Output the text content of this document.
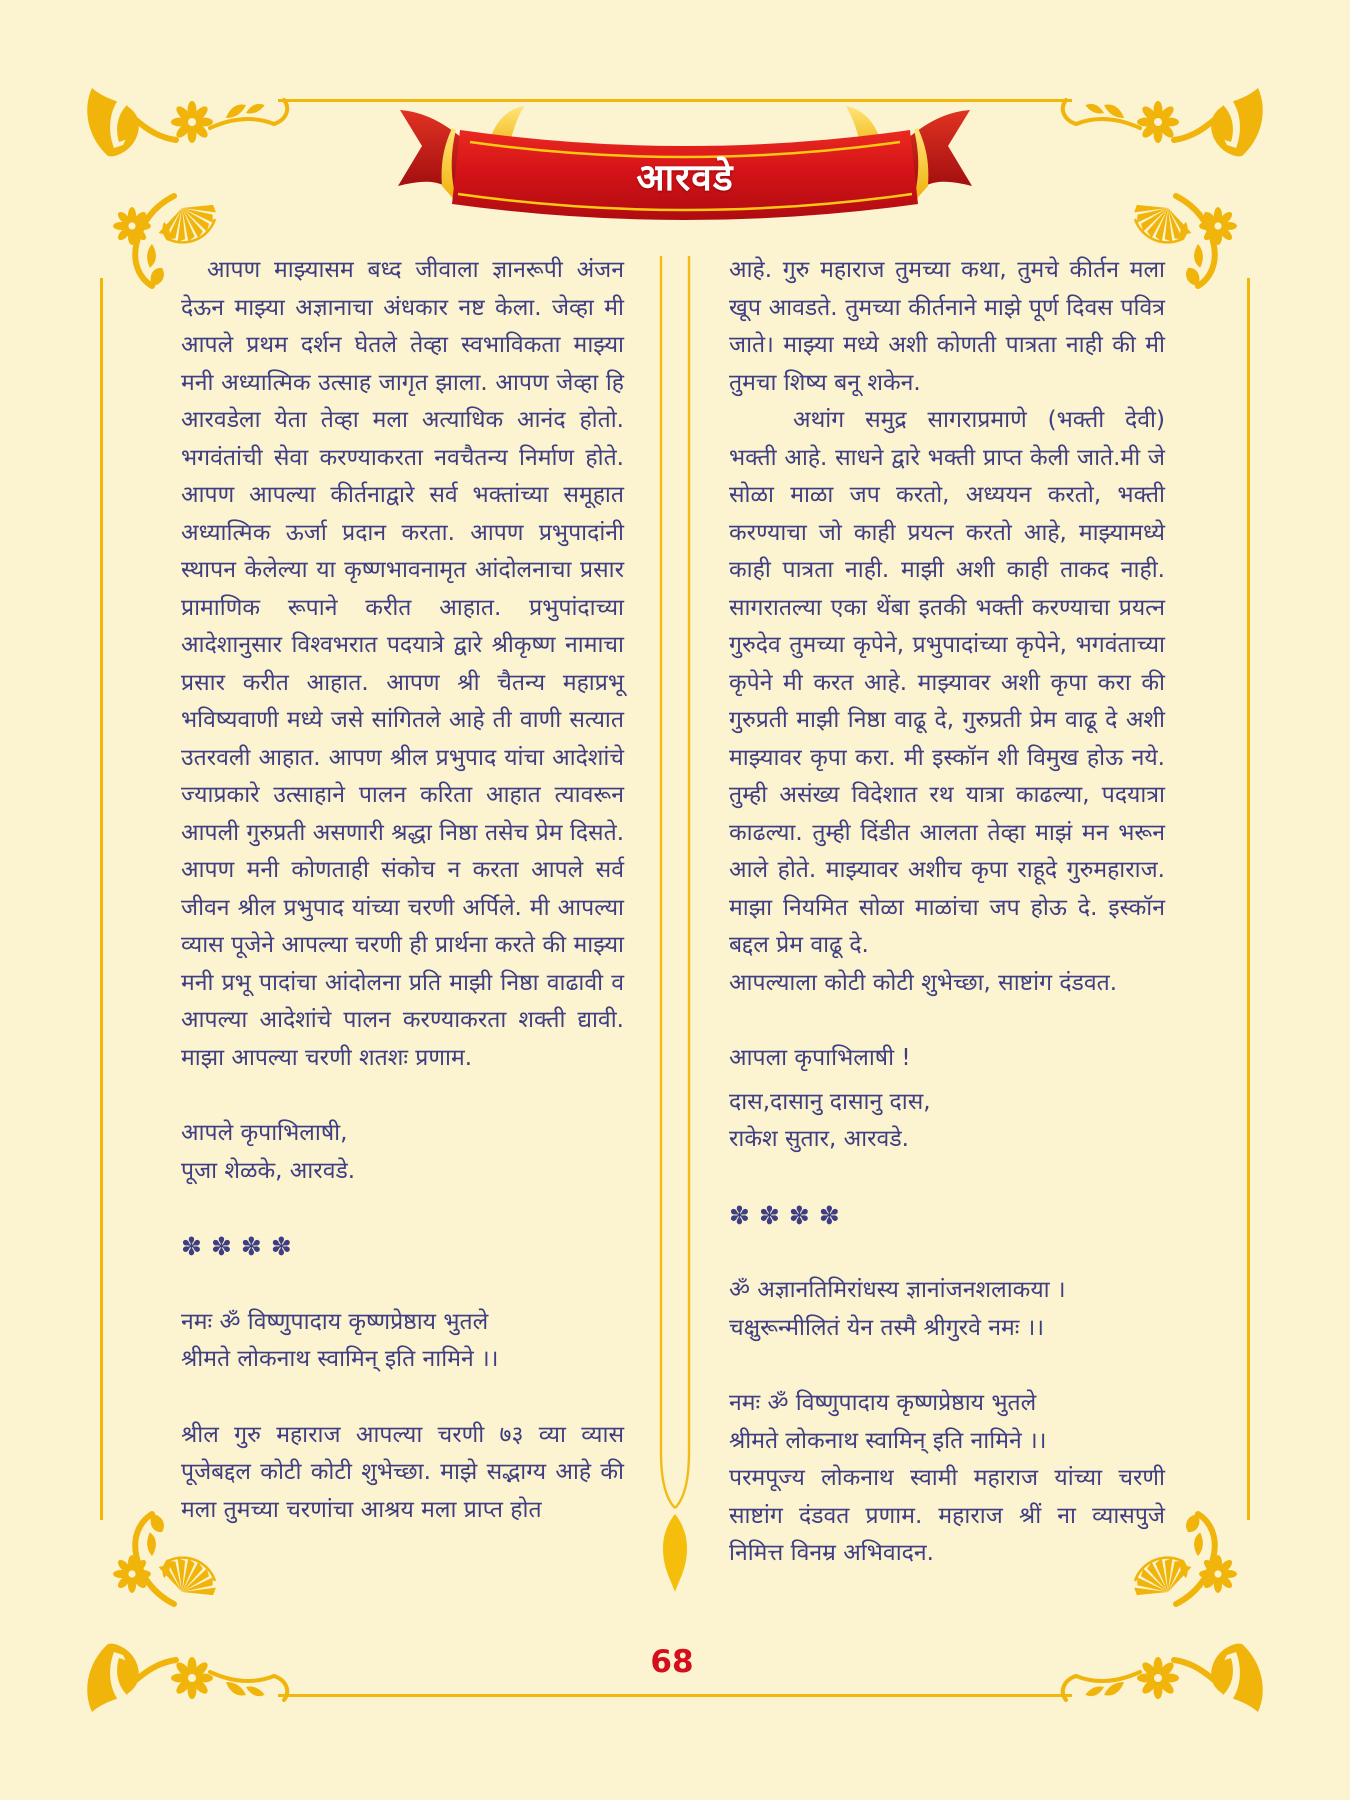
आरवडे

आपण माझ्यासम बध्द जीवाला ज्ञानरूपी अंजन देऊन माझ्या अज्ञानाचा अंधकार नष्ट केला. जेव्हा मी आपले प्रथम दर्शन घेतले तेव्हा स्वभाविकता माझ्या मनी अध्यात्मिक उत्साह जागृत झाला. आपण जेव्हा हि आरवडेला येता तेव्हा मला अत्याधिक आनंद होतो. भगवंतांची सेवा करण्याकरता नवचैतन्य निर्माण होते. आपण आपल्या कीर्तनाद्वारे सर्व भक्तांच्या समूहात अध्यात्मिक ऊर्जा प्रदान करता. आपण प्रभुपादांनी स्थापन केलेल्या या कृष्णभावनामृत आंदोलनाचा प्रसार प्रामाणिक रूपाने करीत आहात. प्रभुपांदाच्या आदेशानुसार विश्वभरात पदयात्रे द्वारे श्रीकृष्ण नामाचा प्रसार करीत आहात. आपण श्री चैतन्य महाप्रभू भविष्यवाणी मध्ये जसे सांगितले आहे ती वाणी सत्यात उतरवली आहात. आपण श्रील प्रभुपाद यांचा आदेशांचे ज्याप्रकारे उत्साहाने पालन करिता आहात त्यावरून आपली गुरुप्रती असणारी श्रद्धा निष्ठा तसेच प्रेम दिसते. आपण मनी कोणताही संकोच न करता आपले सर्व जीवन श्रील प्रभुपाद यांच्या चरणी अर्पिले. मी आपल्या व्यास पूजेने आपल्या चरणी ही प्रार्थना करते की माझ्या मनी प्रभू पादांचा आंदोलना प्रति माझी निष्ठा वाढावी व आपल्या आदेशांचे पालन करण्याकरता शक्ती द्यावी. माझा आपल्या चरणी शतशः प्रणाम.

आपले कृपाभिलाषी,

पूजा शेळके, आरवडे.

✽✽✽✽

नमः ॐ विष्णुपादाय कृष्णप्रेष्ठाय भुतले

श्रीमते लोकनाथ स्वामिन् इति नामिने ।।

श्रील गुरु महाराज आपल्या चरणी ७३ व्या व्यास पूजेबद्दल कोटी कोटी शुभेच्छा. माझे सद्भाग्य आहे की मला तुमच्या चरणांचा आश्रय मला प्राप्त होत

आहे. गुरु महाराज तुमच्या कथा, तुमचे कीर्तन मला खूप आवडते. तुमच्या कीर्तनाने माझे पूर्ण दिवस पवित्र जाते। माझ्या मध्ये अशी कोणती पात्रता नाही की मी तुमचा शिष्य बनू शकेन.

अथांग समुद्र सागराप्रमाणे (भक्ती देवी) भक्ती आहे. साधने द्वारे भक्ती प्राप्त केली जाते.मी जे सोळा माळा जप करतो, अध्ययन करतो, भक्ती करण्याचा जो काही प्रयत्न करतो आहे, माझ्यामध्ये काही पात्रता नाही. माझी अशी काही ताकद नाही. सागरातल्या एका थेंबा इतकी भक्ती करण्याचा प्रयत्न गुरुदेव तुमच्या कृपेने, प्रभुपादांच्या कृपेने, भगवंताच्या कृपेने मी करत आहे. माझ्यावर अशी कृपा करा की गुरुप्रती माझी निष्ठा वाढू दे, गुरुप्रती प्रेम वाढू दे अशी माझ्यावर कृपा करा. मी इस्कॉन शी विमुख होऊ नये. तुम्ही असंख्य विदेशात रथ यात्रा काढल्या, पदयात्रा काढल्या. तुम्ही दिंडीत आलता तेव्हा माझं मन भरून आले होते. माझ्यावर अशीच कृपा राहूदे गुरुमहाराज. माझा नियमित सोळा माळांचा जप होऊ दे. इस्कॉन बद्दल प्रेम वाढू दे.

आपल्याला कोटी कोटी शुभेच्छा, साष्टांग दंडवत.

आपला कृपाभिलाषी !

दास,दासानु दासानु दास,

राकेश सुतार, आरवडे.

✽✽✽✽

ॐ अज्ञानतिमिरांधस्य ज्ञानांजनशलाकया ।

चक्षुरून्मीलितं येन तस्मै श्रीगुरवे नमः ।।

नमः ॐ विष्णुपादाय कृष्णप्रेष्ठाय भुतले

श्रीमते लोकनाथ स्वामिन् इति नामिने ।।

परमपूज्य लोकनाथ स्वामी महाराज यांच्या चरणी साष्टांग दंडवत प्रणाम. महाराज श्रीं ना व्यासपुजे निमित्त विनम्र अभिवादन.

68
